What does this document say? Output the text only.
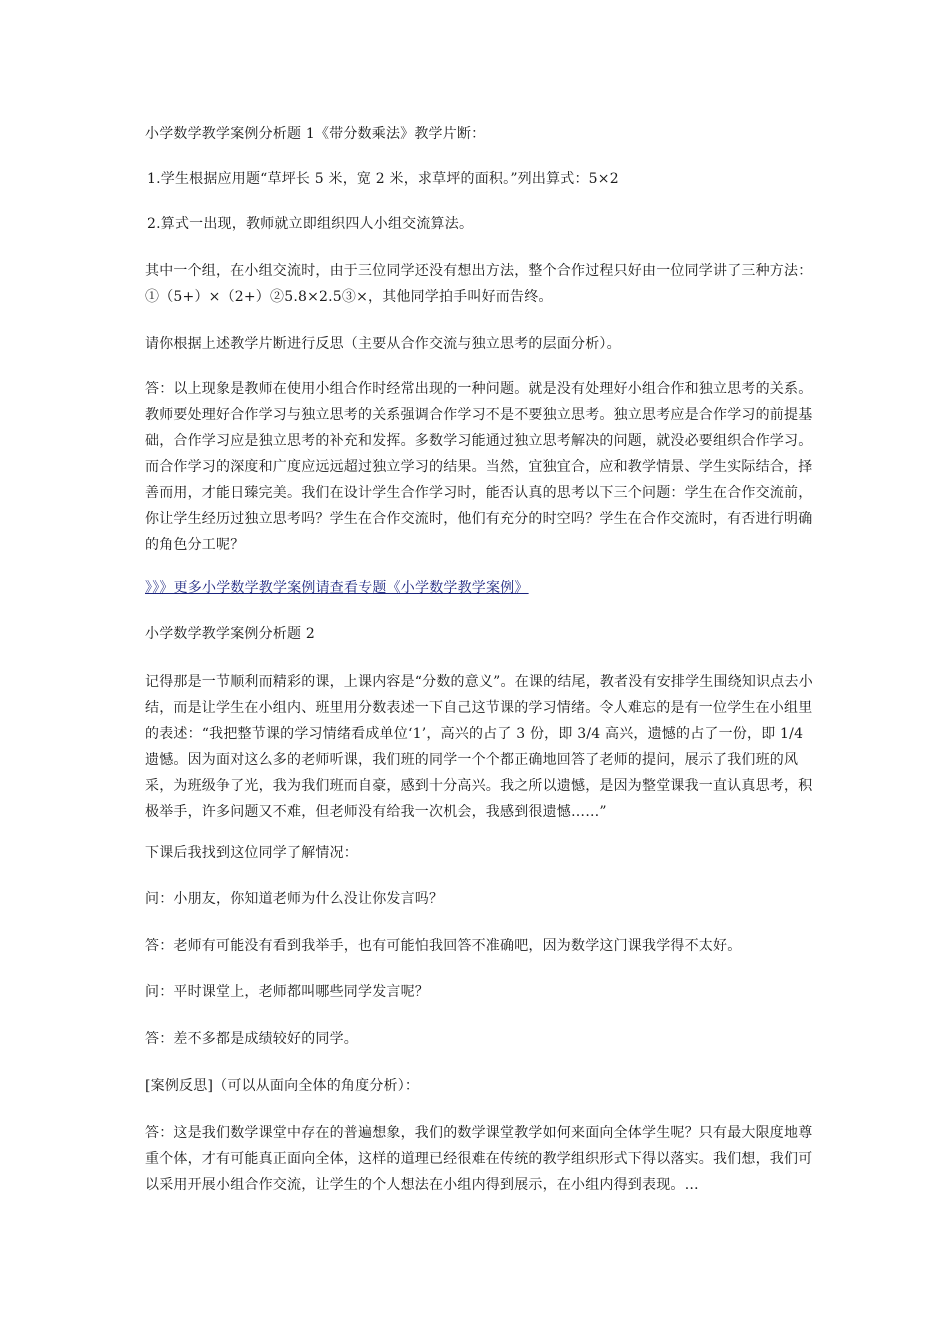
小学数学教学案例分析题 1《带分数乘法》教学片断：

1.学生根据应用题“草坪长 5 米，宽 2 米，求草坪的面积。”列出算式：5×2

2.算式一出现，教师就立即组织四人小组交流算法。

其中一个组，在小组交流时，由于三位同学还没有想出方法，整个合作过程只好由一位同学讲了三种方法：

①（5+）×（2+）②5.8×2.5③×，其他同学拍手叫好而告终。

请你根据上述教学片断进行反思（主要从合作交流与独立思考的层面分析）。

答：以上现象是教师在使用小组合作时经常出现的一种问题。就是没有处理好小组合作和独立思考的关系。教师要处理好合作学习与独立思考的关系强调合作学习不是不要独立思考。独立思考应是合作学习的前提基础，合作学习应是独立思考的补充和发挥。多数学习能通过独立思考解决的问题，就没必要组织合作学习。而合作学习的深度和广度应远远超过独立学习的结果。当然，宜独宜合，应和教学情景、学生实际结合，择善而用，才能日臻完美。我们在设计学生合作学习时，能否认真的思考以下三个问题：学生在合作交流前，你让学生经历过独立思考吗？学生在合作交流时，他们有充分的时空吗？学生在合作交流时，有否进行明确的角色分工呢？

》》》更多小学数学教学案例请查看专题《小学数学教学案例》

小学数学教学案例分析题 2

记得那是一节顺利而精彩的课，上课内容是“分数的意义”。在课的结尾，教者没有安排学生围绕知识点去小结，而是让学生在小组内、班里用分数表述一下自己这节课的学习情绪。令人难忘的是有一位学生在小组里的表述：“我把整节课的学习情绪看成单位‘1’，高兴的占了 3 份，即 3/4 高兴，遗憾的占了一份，即 1/4 遗憾。因为面对这么多的老师听课，我们班的同学一个个都正确地回答了老师的提问，展示了我们班的风采，为班级争了光，我为我们班而自豪，感到十分高兴。我之所以遗憾，是因为整堂课我一直认真思考，积极举手，许多问题又不难，但老师没有给我一次机会，我感到很遗憾……”

下课后我找到这位同学了解情况：

问：小朋友，你知道老师为什么没让你发言吗？

答：老师有可能没有看到我举手，也有可能怕我回答不准确吧，因为数学这门课我学得不太好。

问：平时课堂上，老师都叫哪些同学发言呢？

答：差不多都是成绩较好的同学。

[案例反思]（可以从面向全体的角度分析）：

答：这是我们数学课堂中存在的普遍想象，我们的数学课堂教学如何来面向全体学生呢？只有最大限度地尊重个体，才有可能真正面向全体，这样的道理已经很难在传统的教学组织形式下得以落实。我们想，我们可以采用开展小组合作交流，让学生的个人想法在小组内得到展示，在小组内得到表现。…
